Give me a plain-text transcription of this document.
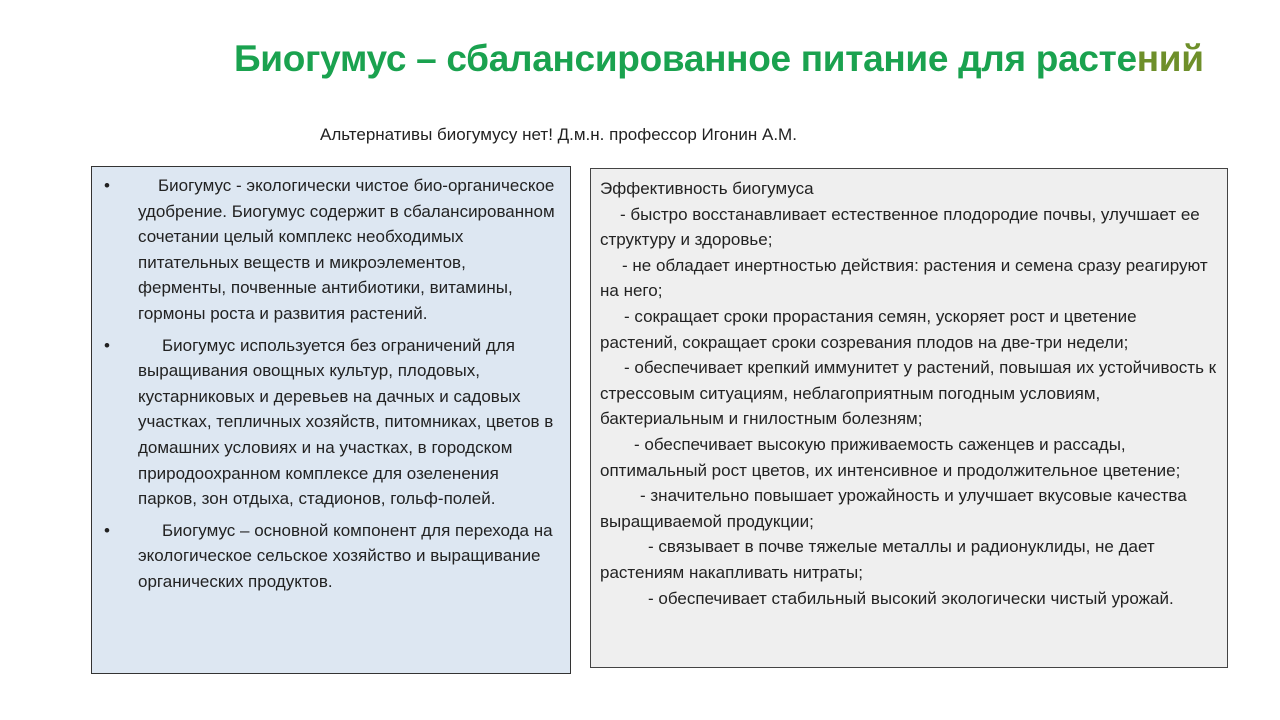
Биогумус – сбалансированное питание для растений
Альтернативы биогумусу нет! Д.м.н. профессор Игонин А.М.
•	Биогумус - экологически чистое био-органическое удобрение. Биогумус содержит в сбалансированном сочетании целый комплекс необходимых питательных веществ и микроэлементов, ферменты, почвенные антибиотики, витамины, гормоны роста и развития растений.
•	Биогумус используется без ограничений для выращивания овощных культур, плодовых, кустарниковых и деревьев на дачных и садовых участках, тепличных хозяйств, питомниках, цветов в домашних условиях и на участках, в городском природоохранном комплексе для озеленения парков, зон отдыха, стадионов, гольф-полей.
•	Биогумус – основной компонент для перехода на экологическое сельское хозяйство и выращивание органических продуктов.

Эффективность биогумуса

- быстро восстанавливает естественное плодородие почвы, улучшает ее структуру и здоровье;

- не обладает инертностью действия: растения и семена сразу реагируют на него;

- сокращает сроки прорастания семян, ускоряет рост и цветение растений, сокращает сроки созревания плодов на две-три недели;

- обеспечивает крепкий иммунитет у растений, повышая их устойчивость к стрессовым ситуациям, неблагоприятным погодным условиям, бактериальным и гнилостным болезням;

- обеспечивает высокую приживаемость саженцев и рассады, оптимальный рост цветов, их интенсивное и продолжительное цветение;

- значительно повышает урожайность и улучшает вкусовые качества выращиваемой продукции;

- связывает в почве тяжелые металлы и радионуклиды, не дает растениям накапливать нитраты;

- обеспечивает стабильный высокий экологически чистый урожай.
